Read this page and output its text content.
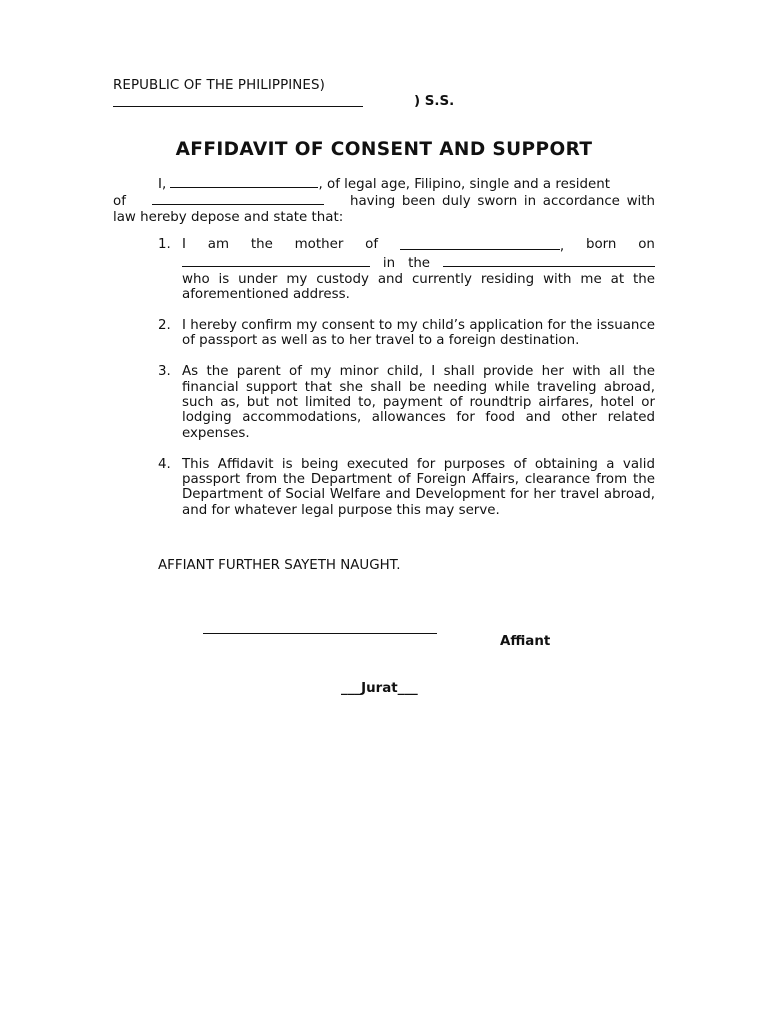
REPUBLIC OF THE PHILIPPINES)
) S.S.
AFFIDAVIT OF CONSENT AND SUPPORT
I,	, of legal age, Filipino, single and a resident
of	having been duly sworn in accordance with
law hereby depose and state that:
1. I am the mother of	, born on
in the
who is under my custody and currently residing with me at the aforementioned address.
2. I hereby confirm my consent to my child’s application for the issuance of passport as well as to her travel to a foreign destination.
3. As the parent of my minor child, I shall provide her with all the financial support that she shall be needing while traveling abroad, such as, but not limited to, payment of roundtrip airfares, hotel or lodging accommodations, allowances for food and other related expenses.
4. This Affidavit is being executed for purposes of obtaining a valid passport from the Department of Foreign Affairs, clearance from the Department of Social Welfare and Development for her travel abroad, and for whatever legal purpose this may serve.
AFFIANT FURTHER SAYETH NAUGHT.
Affiant
___Jurat___
